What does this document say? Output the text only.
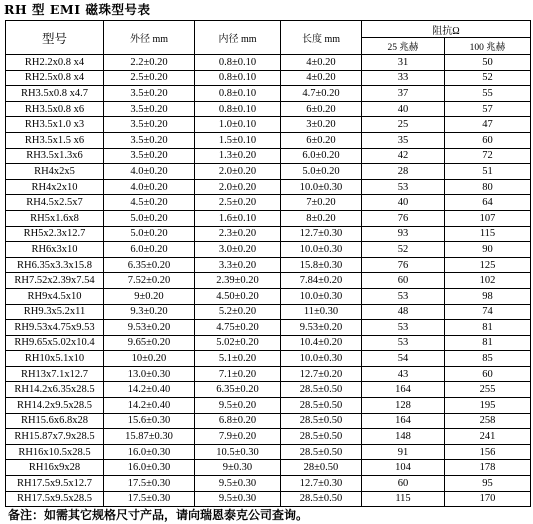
RH 型 EMI 磁珠型号表
型号	外径 mm	内径 mm	长度 mm	阻抗Ω	
				25 兆赫	100 兆赫
RH2.2x0.8 x4	2.2±0.20	0.8±0.10	4±0.20	31	50
RH2.5x0.8 x4	2.5±0.20	0.8±0.10	4±0.20	33	52
RH3.5x0.8 x4.7	3.5±0.20	0.8±0.10	4.7±0.20	37	55
RH3.5x0.8 x6	3.5±0.20	0.8±0.10	6±0.20	40	57
RH3.5x1.0 x3	3.5±0.20	1.0±0.10	3±0.20	25	47
RH3.5x1.5 x6	3.5±0.20	1.5±0.10	6±0.20	35	60
RH3.5x1.3x6	3.5±0.20	1.3±0.20	6.0±0.20	42	72
RH4x2x5	4.0±0.20	2.0±0.20	5.0±0.20	28	51
RH4x2x10	4.0±0.20	2.0±0.20	10.0±0.30	53	80
RH4.5x2.5x7	4.5±0.20	2.5±0.20	7±0.20	40	64
RH5x1.6x8	5.0±0.20	1.6±0.10	8±0.20	76	107
RH5x2.3x12.7	5.0±0.20	2.3±0.20	12.7±0.30	93	115
RH6x3x10	6.0±0.20	3.0±0.20	10.0±0.30	52	90
RH6.35x3.3x15.8	6.35±0.20	3.3±0.20	15.8±0.30	76	125
RH7.52x2.39x7.54	7.52±0.20	2.39±0.20	7.84±0.20	60	102
RH9x4.5x10	9±0.20	4.50±0.20	10.0±0.30	53	98
RH9.3x5.2x11	9.3±0.20	5.2±0.20	11±0.30	48	74
RH9.53x4.75x9.53	9.53±0.20	4.75±0.20	9.53±0.20	53	81
RH9.65x5.02x10.4	9.65±0.20	5.02±0.20	10.4±0.20	53	81
RH10x5.1x10	10±0.20	5.1±0.20	10.0±0.30	54	85
RH13x7.1x12.7	13.0±0.30	7.1±0.20	12.7±0.20	43	60
RH14.2x6.35x28.5	14.2±0.40	6.35±0.20	28.5±0.50	164	255
RH14.2x9.5x28.5	14.2±0.40	9.5±0.20	28.5±0.50	128	195
RH15.6x6.8x28	15.6±0.30	6.8±0.20	28.5±0.50	164	258
RH15.87x7.9x28.5	15.87±0.30	7.9±0.20	28.5±0.50	148	241
RH16x10.5x28.5	16.0±0.30	10.5±0.30	28.5±0.50	91	156
RH16x9x28	16.0±0.30	9±0.30	28±0.50	104	178
RH17.5x9.5x12.7	17.5±0.30	9.5±0.30	12.7±0.30	60	95
RH17.5x9.5x28.5	17.5±0.30	9.5±0.30	28.5±0.50	115	170
备注：如需其它规格尺寸产品，请向瑞恩泰克公司查询。
